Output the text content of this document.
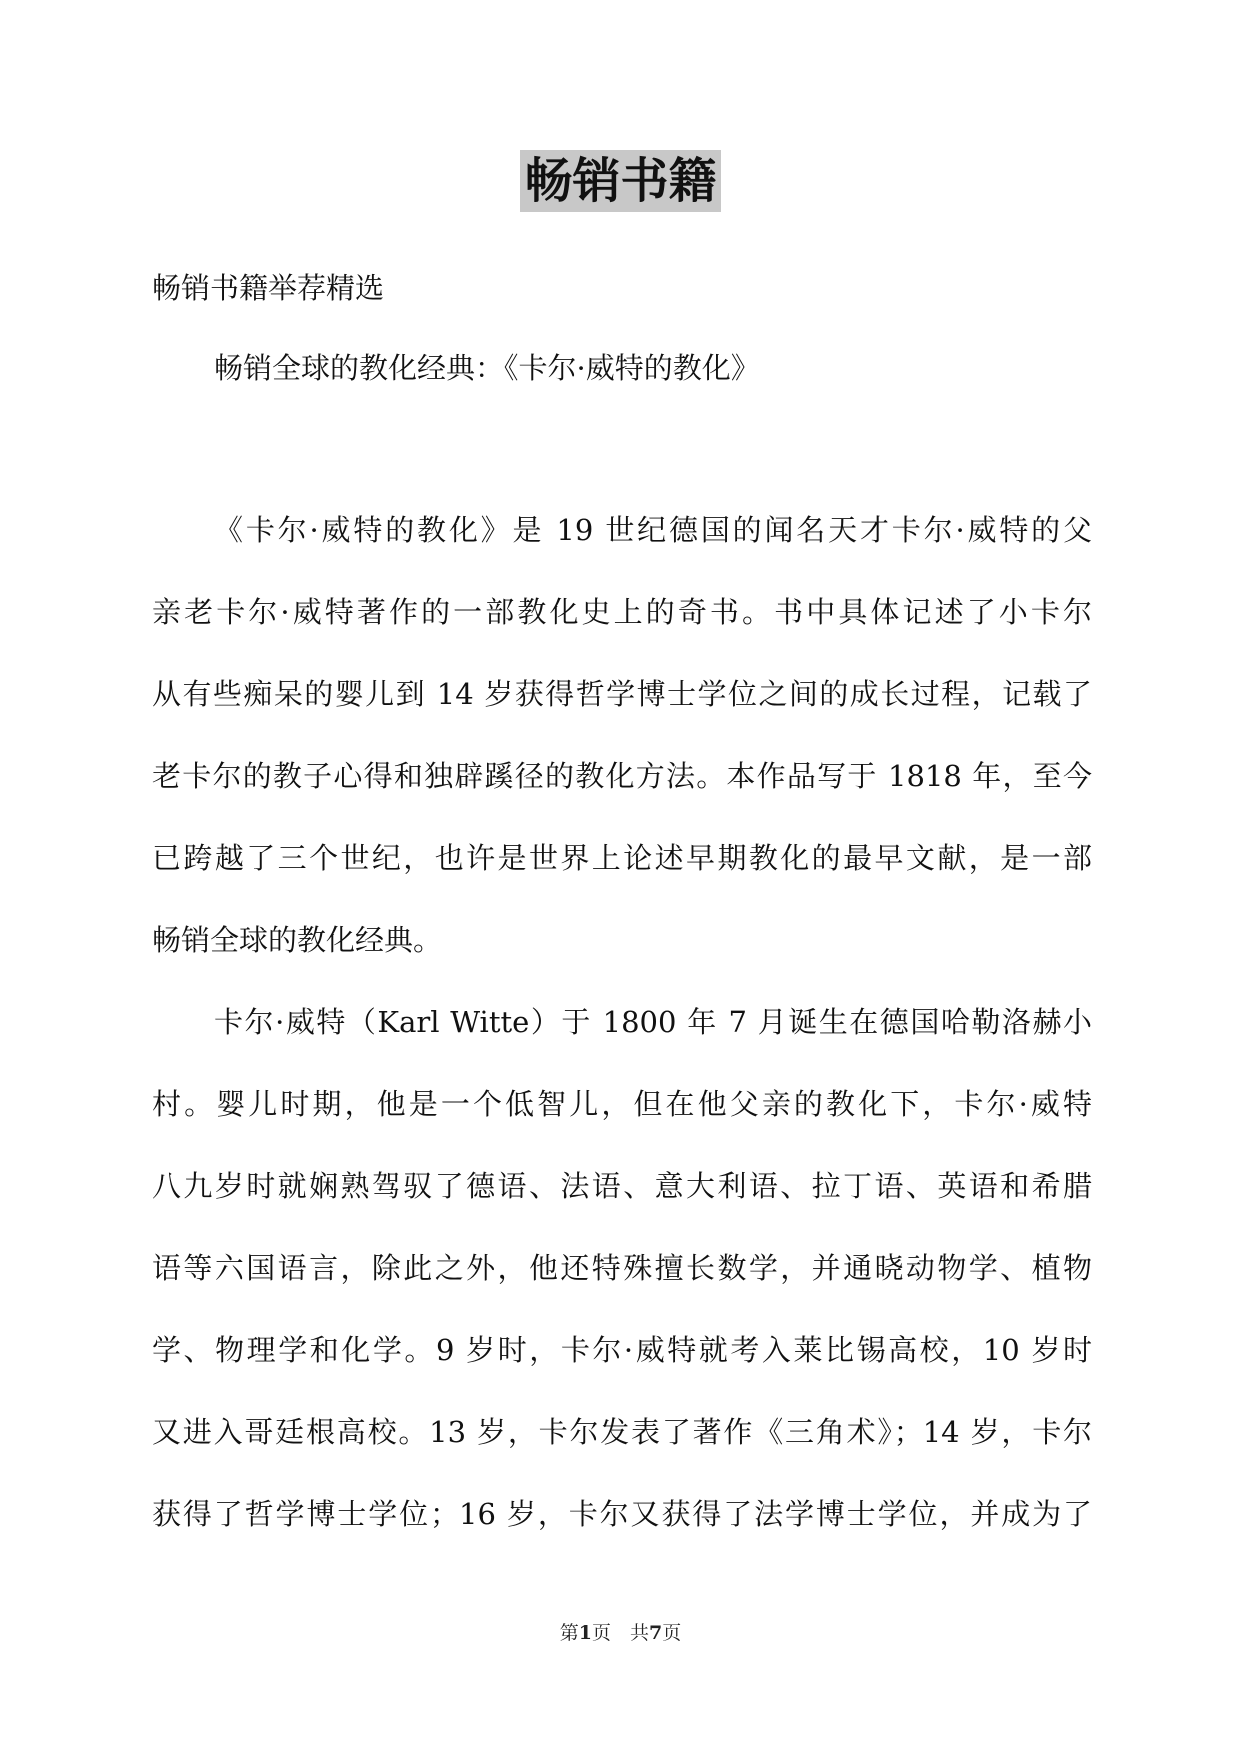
畅销书籍
畅销书籍举荐精选
畅销全球的教化经典：《卡尔·威特的教化》
《卡尔·威特的教化》是 19 世纪德国的闻名天才卡尔·威特的父
亲老卡尔·威特著作的一部教化史上的奇书。书中具体记述了小卡尔
从有些痴呆的婴儿到 14 岁获得哲学博士学位之间的成长过程，记载了
老卡尔的教子心得和独辟蹊径的教化方法。本作品写于 1818 年，至今
已跨越了三个世纪，也许是世界上论述早期教化的最早文献，是一部
畅销全球的教化经典。
卡尔·威特（Karl Witte）于 1800 年 7 月诞生在德国哈勒洛赫小
村。婴儿时期，他是一个低智儿，但在他父亲的教化下，卡尔·威特
八九岁时就娴熟驾驭了德语、法语、意大利语、拉丁语、英语和希腊
语等六国语言，除此之外，他还特殊擅长数学，并通晓动物学、植物
学、物理学和化学。9 岁时，卡尔·威特就考入莱比锡高校，10 岁时
又进入哥廷根高校。13 岁，卡尔发表了著作《三角术》；14 岁，卡尔
获得了哲学博士学位；16 岁，卡尔又获得了法学博士学位，并成为了
第1页　共7页
